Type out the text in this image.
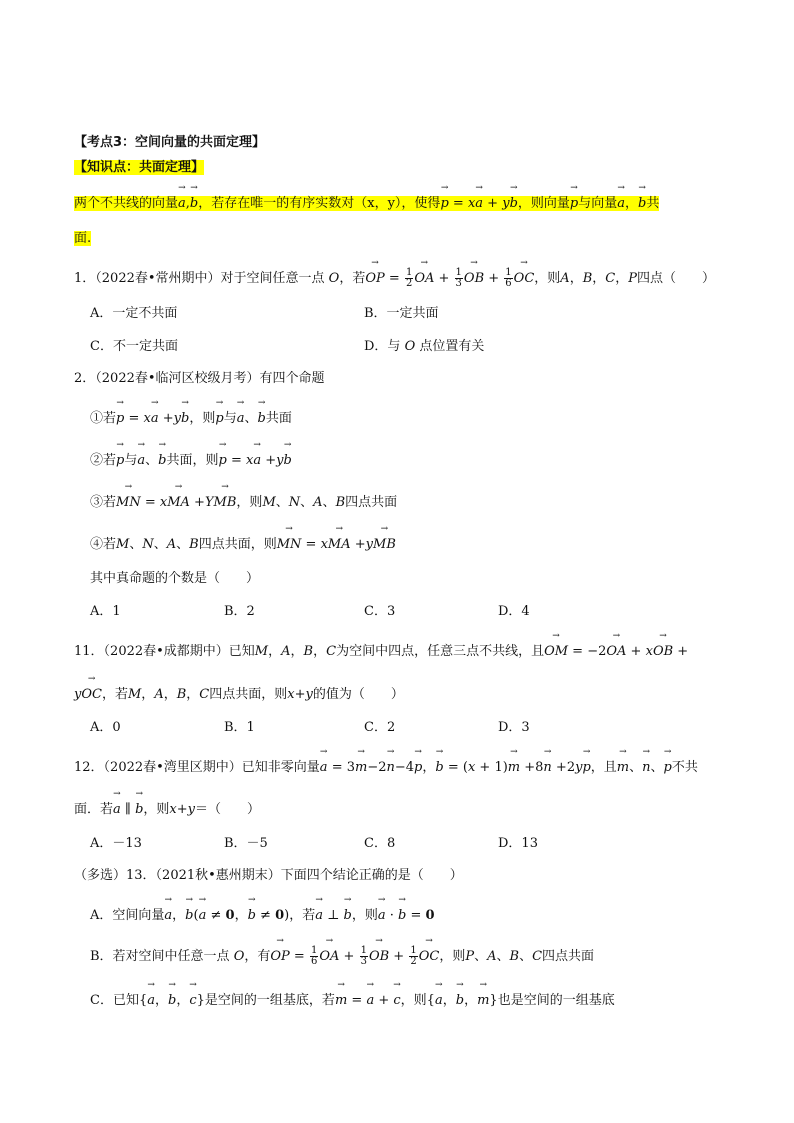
【考点3：空间向量的共面定理】
【知识点：共面定理】
两个不共线的向量→ a,→ b，若存在唯一的有序实数对（x，y），使得→ p = x→ a + y→ b，则向量→ p与向量→ a，→ b共
面.
1．（2022春•常州期中）对于空间任意一点 O，若→ OP = $\frac{1}{2}$ → OA + $\frac{1}{3}$ → OB + $\frac{1}{6}$ → OC，则A，B，C，P四点（　　）
A．一定不共面	B．一定共面
C．不一定共面	D．与 O 点位置有关
2．（2022春•临河区校级月考）有四个命题
①若→ p = x→ a +y→ b，则→ p与→ a、→ b共面
②若→ p与→ a、→ b共面，则→ p = x→ a +y→ b
③若→ MN = x→ MA +Y→ MB，则M、N、A、B四点共面
④若M、N、A、B四点共面，则→ MN = x→ MA +y→ MB
其中真命题的个数是（　　）
A．1	B．2	C．3	D．4
11．（2022春•成都期中）已知M，A，B，C为空间中四点，任意三点不共线，且→ OM = −2→ OA + x→ OB +
y→ OC，若M，A，B，C四点共面，则x+y的值为（　　）
A．0	B．1	C．2	D．3
12．（2022春•湾里区期中）已知非零向量→ a = 3→ m−2→ n−4→ p，→ b = (x + 1)→ m +8→ n +2y→ p，且→ m、→ n、→ p不共
面．若→ a ∥ → b，则x+y＝（　　）
A．－13	B．－5	C．8	D．13
（多选）13．（2021秋•惠州期末）下面四个结论正确的是（　　）
A．空间向量→ a，→ b(→ a ≠ 0，→ b ≠ 0)，若→ a ⊥ → b，则→ a · → b = 0
B．若对空间中任意一点 O，有→ OP = $\frac{1}{6}$ → OA + $\frac{1}{3}$ → OB + $\frac{1}{2}$ → OC，则P、A、B、C四点共面
C．已知{→ a，→ b，→ c}是空间的一组基底，若→ m = → a + → c，则{→ a，→ b，→ m}也是空间的一组基底
